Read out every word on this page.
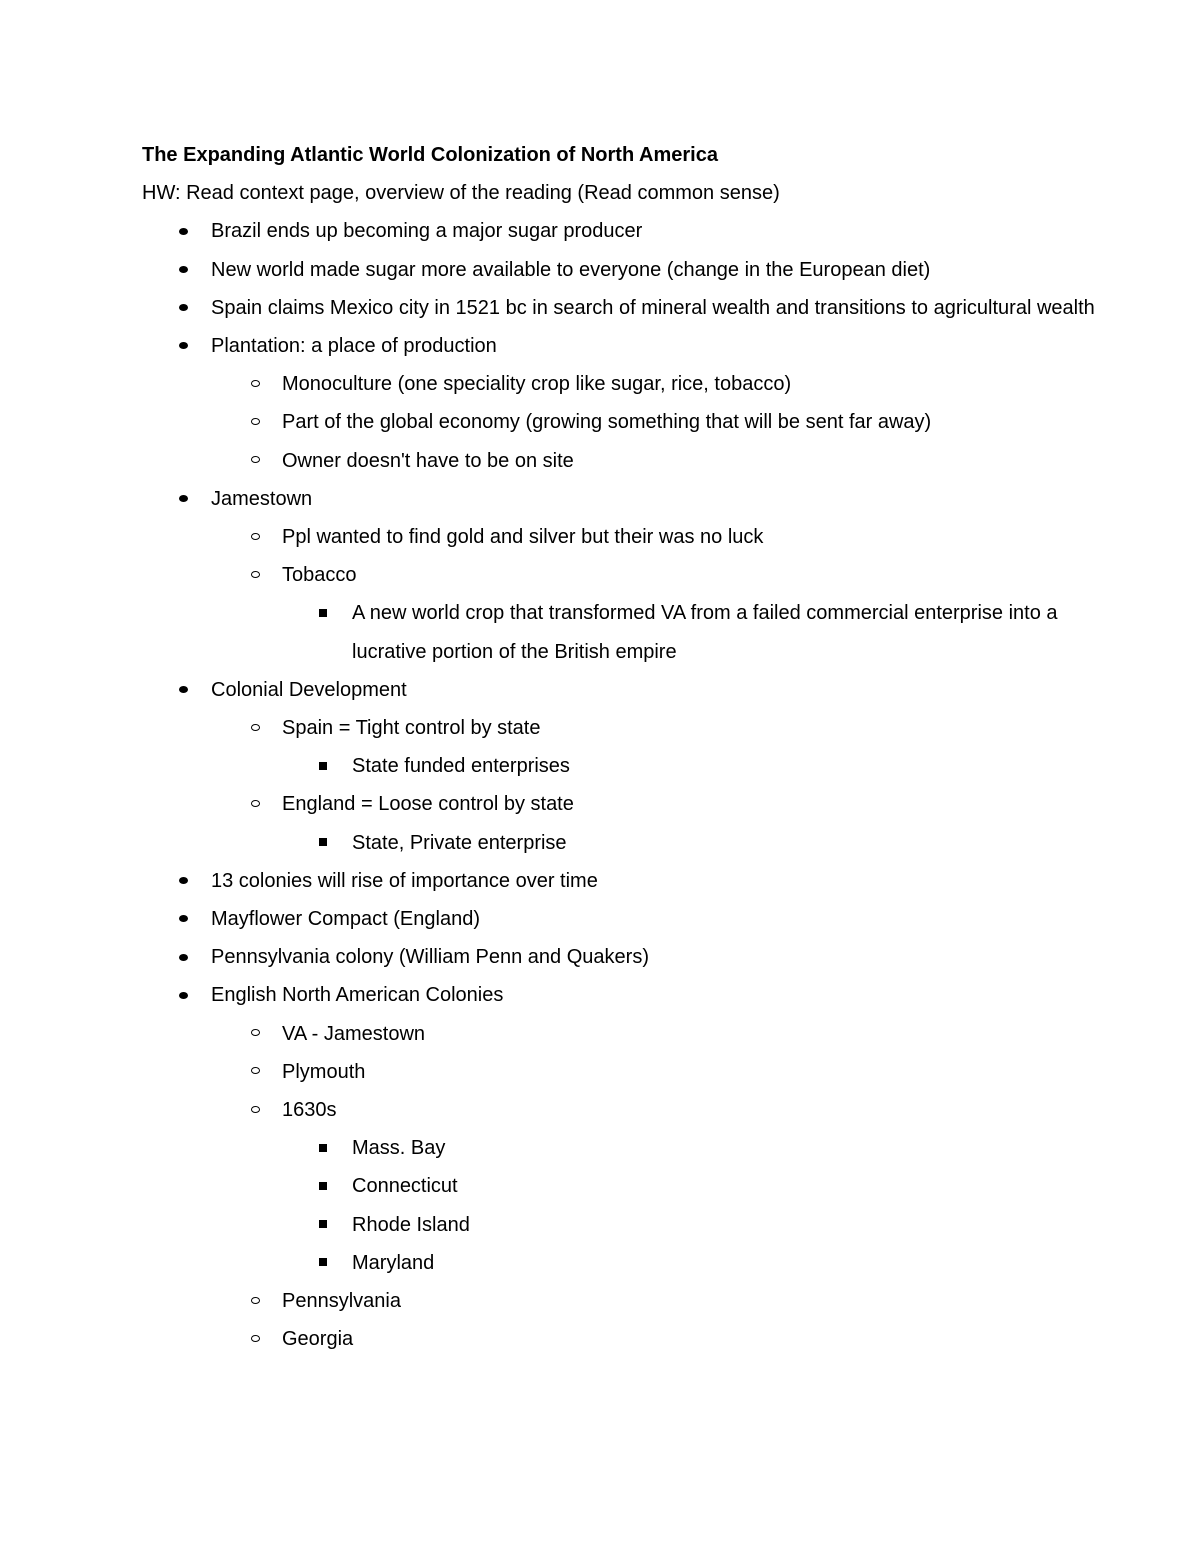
The Expanding Atlantic World Colonization of North America
HW: Read context page, overview of the reading (Read common sense)
Brazil ends up becoming a major sugar producer
New world made sugar more available to everyone (change in the European diet)
Spain claims Mexico city in 1521 bc in search of mineral wealth and transitions to agricultural wealth
Plantation: a place of production
Monoculture (one speciality crop like sugar, rice, tobacco)
Part of the global economy (growing something that will be sent far away)
Owner doesn't have to be on site
Jamestown
Ppl wanted to find gold and silver but their was no luck
Tobacco
A new world crop that transformed VA from a failed commercial enterprise into a lucrative portion of the British empire
Colonial Development
Spain = Tight control by state
State funded enterprises
England = Loose control by state
State, Private enterprise
13 colonies will rise of importance over time
Mayflower Compact (England)
Pennsylvania colony (William Penn and Quakers)
English North American Colonies
VA - Jamestown
Plymouth
1630s
Mass. Bay
Connecticut
Rhode Island
Maryland
Pennsylvania
Georgia
